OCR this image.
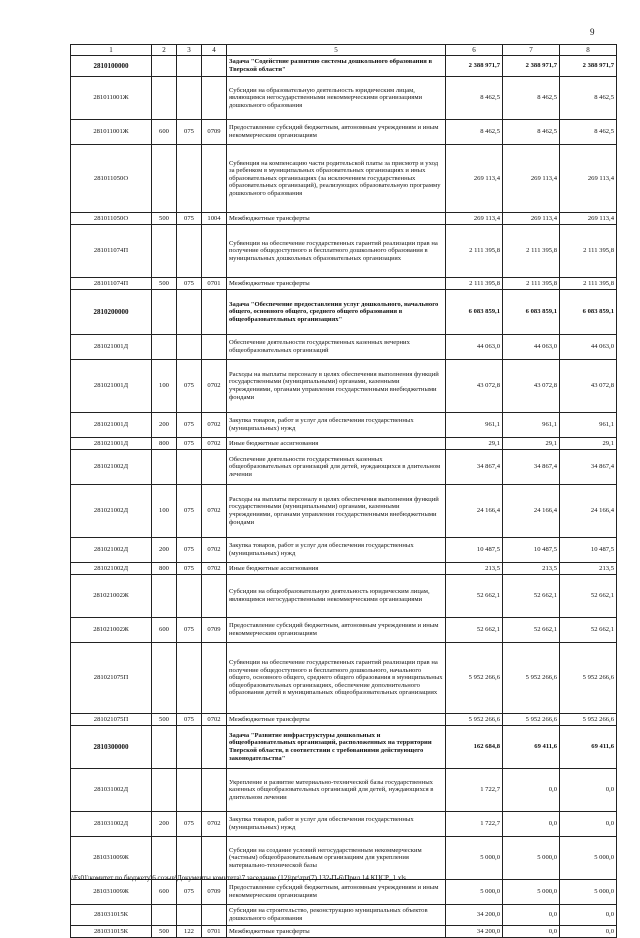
9
1	2	3	4	5	6	7	8
2810100000				Задача "Содействие развитию системы дошкольного образования в Тверской области"	2 388 971,7	2 388 971,7	2 388 971,7
281011001Ж				Субсидии на образовательную деятельность юридическим лицам, являющимся негосударственными некоммерческими организациями дошкольного образования	8 462,5	8 462,5	8 462,5
281011001Ж	600	075	0709	Предоставление субсидий бюджетным, автономным учреждениям и иным некоммерческим организациям	8 462,5	8 462,5	8 462,5
281011050О				Субвенция на компенсацию части родительской платы за присмотр и уход за ребенком в муниципальных образовательных организациях и иных образовательных организациях (за исключением государственных образовательных организаций), реализующих образовательную программу дошкольного образования	269 113,4	269 113,4	269 113,4
281011050О	500	075	1004	Межбюджетные трансферты	269 113,4	269 113,4	269 113,4
281011074П				Субвенции на обеспечение государственных гарантий реализации прав на получение общедоступного и бесплатного дошкольного образования в муниципальных дошкольных образовательных организациях	2 111 395,8	2 111 395,8	2 111 395,8
281011074П	500	075	0701	Межбюджетные трансферты	2 111 395,8	2 111 395,8	2 111 395,8
2810200000				Задача "Обеспечение предоставления услуг дошкольного, начального общего, основного общего, среднего общего образования в общеобразовательных организациях"	6 083 859,1	6 083 859,1	6 083 859,1
281021001Д				Обеспечение деятельности государственных казенных вечерних общеобразовательных организаций	44 063,0	44 063,0	44 063,0
281021001Д	100	075	0702	Расходы на выплаты персоналу в целях обеспечения выполнения функций государственными (муниципальными) органами, казенными учреждениями, органами управления государственными внебюджетными фондами	43 072,8	43 072,8	43 072,8
281021001Д	200	075	0702	Закупка товаров, работ и услуг для обеспечения государственных (муниципальных) нужд	961,1	961,1	961,1
281021001Д	800	075	0702	Иные бюджетные ассигнования	29,1	29,1	29,1
281021002Д				Обеспечение деятельности государственных казенных общеобразовательных организаций для детей, нуждающихся в длительном лечении	34 867,4	34 867,4	34 867,4
281021002Д	100	075	0702	Расходы на выплаты персоналу в целях обеспечения выполнения функций государственными (муниципальными) органами, казенными учреждениями, органами управления государственными внебюджетными фондами	24 166,4	24 166,4	24 166,4
281021002Д	200	075	0702	Закупка товаров, работ и услуг для обеспечения государственных (муниципальных) нужд	10 487,5	10 487,5	10 487,5
281021002Д	800	075	0702	Иные бюджетные ассигнования	213,5	213,5	213,5
281021002Ж				Субсидии на общеобразовательную деятельность юридическим лицам, являющимся негосударственными некоммерческими организациями	52 662,1	52 662,1	52 662,1
281021002Ж	600	075	0709	Предоставление субсидий бюджетным, автономным учреждениям и иным некоммерческим организациям	52 662,1	52 662,1	52 662,1
281021075П				Субвенции на обеспечение государственных гарантий реализации прав на получение общедоступного и бесплатного дошкольного, начального общего, основного общего, среднего общего образования в муниципальных общеобразовательных организациях, обеспечение дополнительного образования детей в муниципальных общеобразовательных организациях	5 952 266,6	5 952 266,6	5 952 266,6
281021075П	500	075	0702	Межбюджетные трансферты	5 952 266,6	5 952 266,6	5 952 266,6
2810300000				Задача "Развитие инфраструктуры дошкольных и общеобразовательных организаций, расположенных на территории Тверской области, в соответствии с требованиями действующего законодательства"	162 684,8	69 411,6	69 411,6
281031002Д				Укрепление и развитие материально-технической базы государственных казенных общеобразовательных организаций для детей, нуждающихся в длительном лечении	1 722,7	0,0	0,0
281031002Д	200	075	0702	Закупка товаров, работ и услуг для обеспечения государственных (муниципальных) нужд	1 722,7	0,0	0,0
281031009Ж				Субсидии на создание условий негосударственным некоммерческим (частным) общеобразовательным организациям для укрепления материально-технической базы	5 000,0	5 000,0	5 000,0
281031009Ж	600	075	0709	Предоставление субсидий бюджетным, автономным учреждениям и иным некоммерческим организациям	5 000,0	5 000,0	5 000,0
281031015К				Субсидии на строительство, реконструкцию муниципальных объектов дошкольного образования	34 200,0	0,0	0,0
281031015К	500	122	0701	Межбюджетные трансферты	34 200,0	0,0	0,0
\\Fs01\комитет по бюджету\6 созыв\Документы комитета\7 заседание (12)\рг\zpr(7) 132-П-6\Прил 14 КЦСР_1.xls
